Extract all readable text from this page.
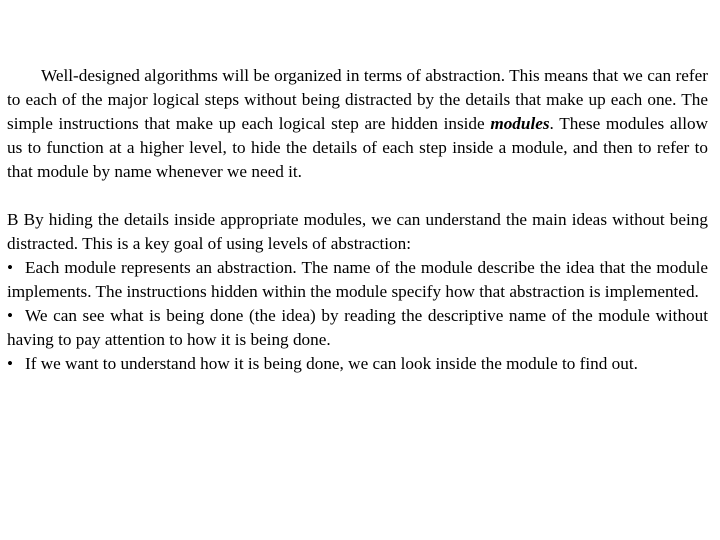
Well-designed algorithms will be organized in terms of abstraction. This means that we can refer to each of the major logical steps without being distracted by the details that make up each one. The simple instructions that make up each logical step are hidden inside modules. These modules allow us to function at a higher level, to hide the details of each step inside a module, and then to refer to that module by name whenever we need it.

B By hiding the details inside appropriate modules, we can understand the main ideas without being distracted. This is a key goal of using levels of abstraction:

• Each module represents an abstraction. The name of the module describe the idea that the module implements. The instructions hidden within the module specify how that abstraction is implemented.

• We can see what is being done (the idea) by reading the descriptive name of the module without having to pay attention to how it is being done.

• If we want to understand how it is being done, we can look inside the module to find out.
